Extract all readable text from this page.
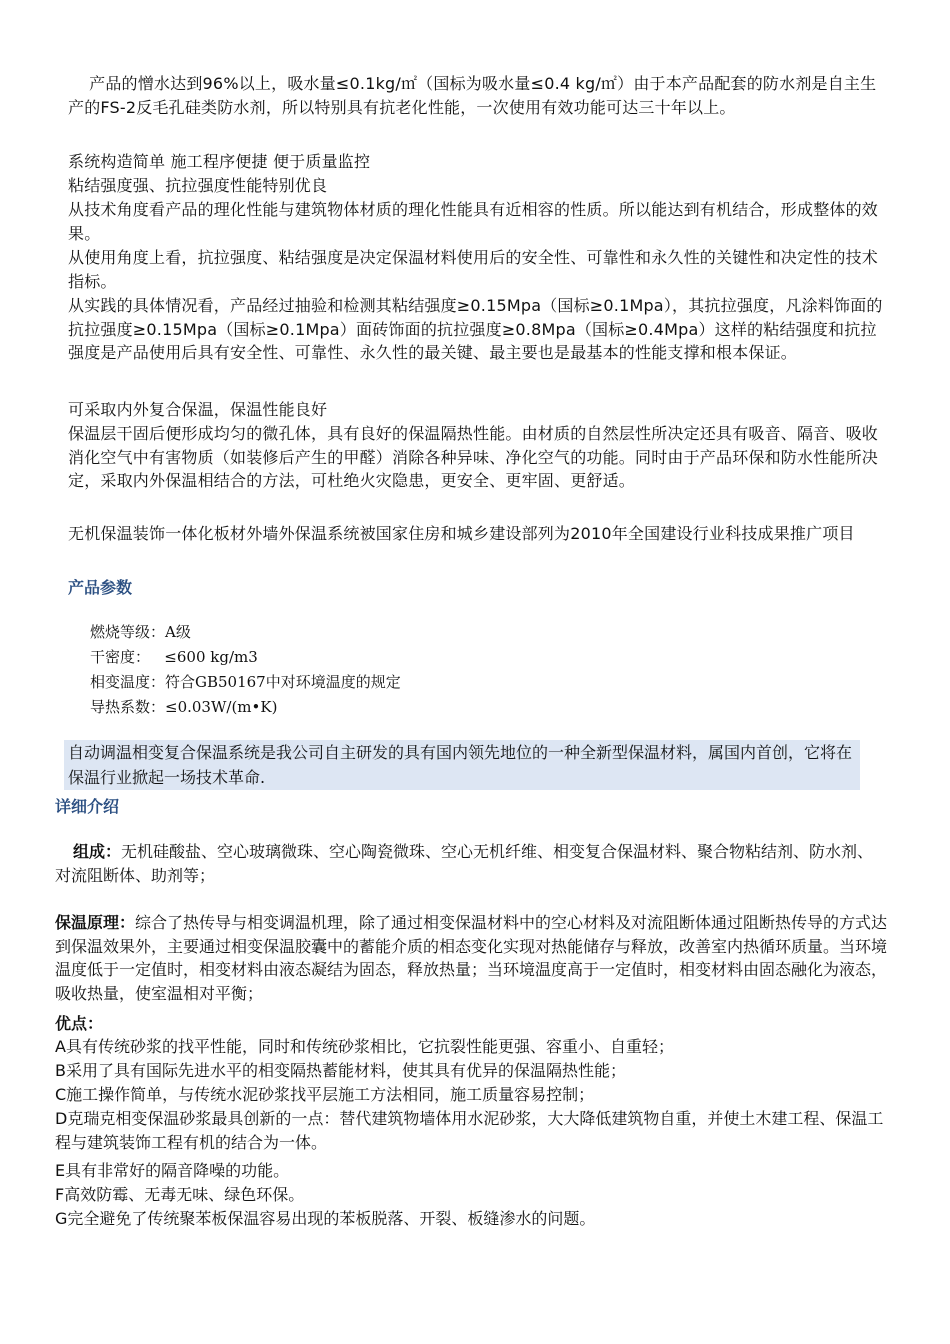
产品的憎水达到96%以上，吸水量≤0.1kg/㎡（国标为吸水量≤0.4 kg/㎡）由于本产品配套的防水剂是自主生产的FS-2反毛孔硅类防水剂，所以特别具有抗老化性能，一次使用有效功能可达三十年以上。
系统构造简单 施工程序便捷 便于质量监控
粘结强度强、抗拉强度性能特别优良
从技术角度看产品的理化性能与建筑物体材质的理化性能具有近相容的性质。所以能达到有机结合，形成整体的效果。
从使用角度上看，抗拉强度、粘结强度是决定保温材料使用后的安全性、可靠性和永久性的关键性和决定性的技术指标。
从实践的具体情况看，产品经过抽验和检测其粘结强度≥0.15Mpa（国标≥0.1Mpa），其抗拉强度，凡涂料饰面的抗拉强度≥0.15Mpa（国标≥0.1Mpa）面砖饰面的抗拉强度≥0.8Mpa（国标≥0.4Mpa）这样的粘结强度和抗拉强度是产品使用后具有安全性、可靠性、永久性的最关键、最主要也是最基本的性能支撑和根本保证。
可采取内外复合保温，保温性能良好
保温层干固后便形成均匀的微孔体，具有良好的保温隔热性能。由材质的自然层性所决定还具有吸音、隔音、吸收消化空气中有害物质（如装修后产生的甲醛）消除各种异味、净化空气的功能。同时由于产品环保和防水性能所决定，采取内外保温相结合的方法，可杜绝火灾隐患，更安全、更牢固、更舒适。
无机保温装饰一体化板材外墙外保温系统被国家住房和城乡建设部列为2010年全国建设行业科技成果推广项目
产品参数
燃烧等级：A级
干密度：   ≤600 kg/m3
相变温度：符合GB50167中对环境温度的规定
导热系数：≤0.03W/(m•K)
自动调温相变复合保温系统是我公司自主研发的具有国内领先地位的一种全新型保温材料，属国内首创，它将在保温行业掀起一场技术革命.
详细介绍
组成：无机硅酸盐、空心玻璃微珠、空心陶瓷微珠、空心无机纤维、相变复合保温材料、聚合物粘结剂、防水剂、 对流阻断体、助剂等；
保温原理：综合了热传导与相变调温机理，除了通过相变保温材料中的空心材料及对流阻断体通过阻断热传导的方式达到保温效果外，主要通过相变保温胶囊中的蓄能介质的相态变化实现对热能储存与释放，改善室内热循环质量。当环境温度低于一定值时，相变材料由液态凝结为固态，释放热量；当环境温度高于一定值时，相变材料由固态融化为液态，吸收热量，使室温相对平衡；
优点：
A具有传统砂浆的找平性能，同时和传统砂浆相比，它抗裂性能更强、容重小、自重轻；
B采用了具有国际先进水平的相变隔热蓄能材料，使其具有优异的保温隔热性能；
C施工操作简单，与传统水泥砂浆找平层施工方法相同，施工质量容易控制；
D克瑞克相变保温砂浆最具创新的一点：替代建筑物墙体用水泥砂浆，大大降低建筑物自重，并使土木建工程、保温工程与建筑装饰工程有机的结合为一体。
E具有非常好的隔音降噪的功能。
F高效防霉、无毒无味、绿色环保。
G完全避免了传统聚苯板保温容易出现的苯板脱落、开裂、板缝渗水的问题。
